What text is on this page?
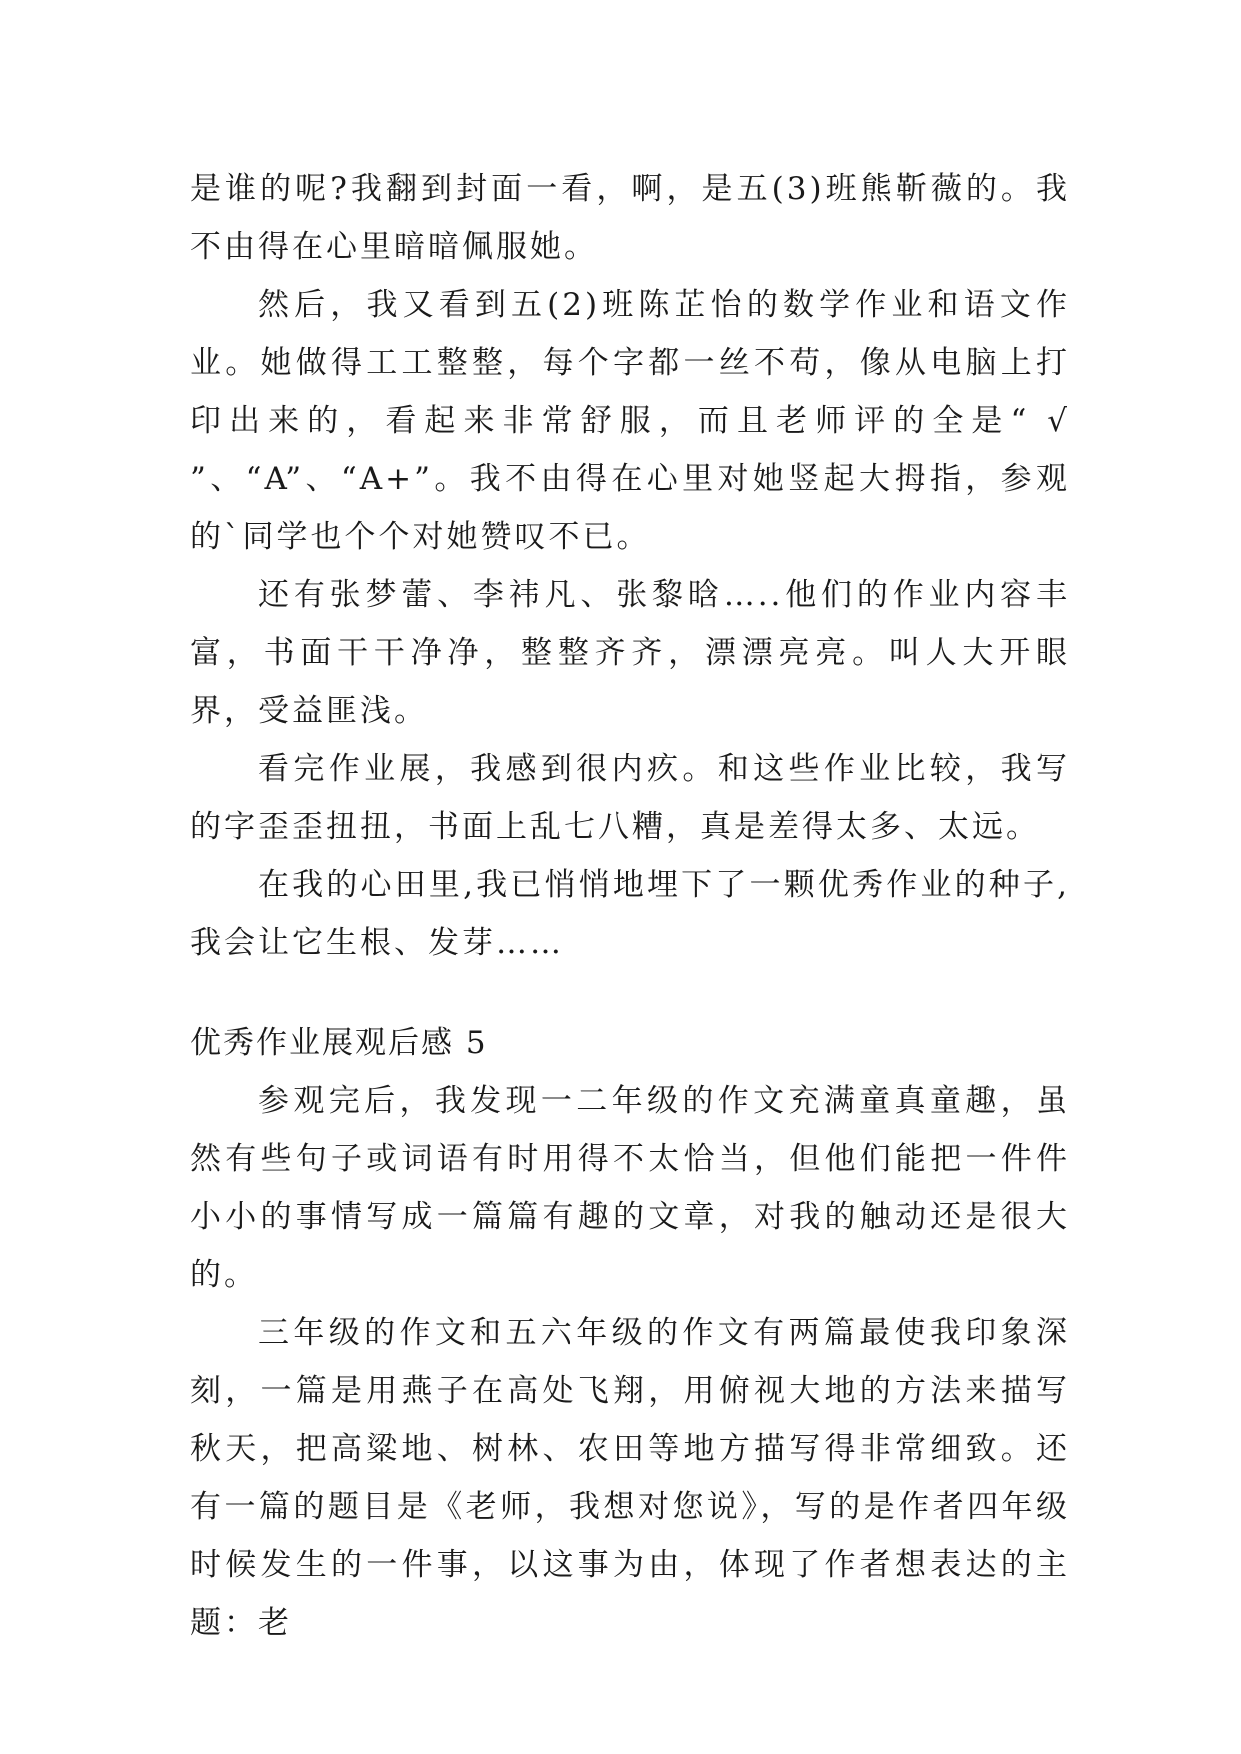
是谁的呢?我翻到封面一看，啊，是五(3)班熊靳薇的。我不由得在心里暗暗佩服她。

然后，我又看到五(2)班陈芷怡的数学作业和语文作业。她做得工工整整，每个字都一丝不苟，像从电脑上打印出来的，看起来非常舒服，而且老师评的全是“ √ ”、“A”、“A+”。我不由得在心里对她竖起大拇指，参观的`同学也个个对她赞叹不已。

还有张梦蕾、李祎凡、张黎晗…..他们的作业内容丰富，书面干干净净，整整齐齐，漂漂亮亮。叫人大开眼界，受益匪浅。

看完作业展，我感到很内疚。和这些作业比较，我写的字歪歪扭扭，书面上乱七八糟，真是差得太多、太远。

在我的心田里,我已悄悄地埋下了一颗优秀作业的种子,我会让它生根、发芽……

优秀作业展观后感 5

参观完后，我发现一二年级的作文充满童真童趣，虽然有些句子或词语有时用得不太恰当，但他们能把一件件小小的事情写成一篇篇有趣的文章，对我的触动还是很大的。

三年级的作文和五六年级的作文有两篇最使我印象深刻，一篇是用燕子在高处飞翔，用俯视大地的方法来描写秋天，把高粱地、树林、农田等地方描写得非常细致。还有一篇的题目是《老师，我想对您说》，写的是作者四年级时候发生的一件事，以这事为由，体现了作者想表达的主题：老
